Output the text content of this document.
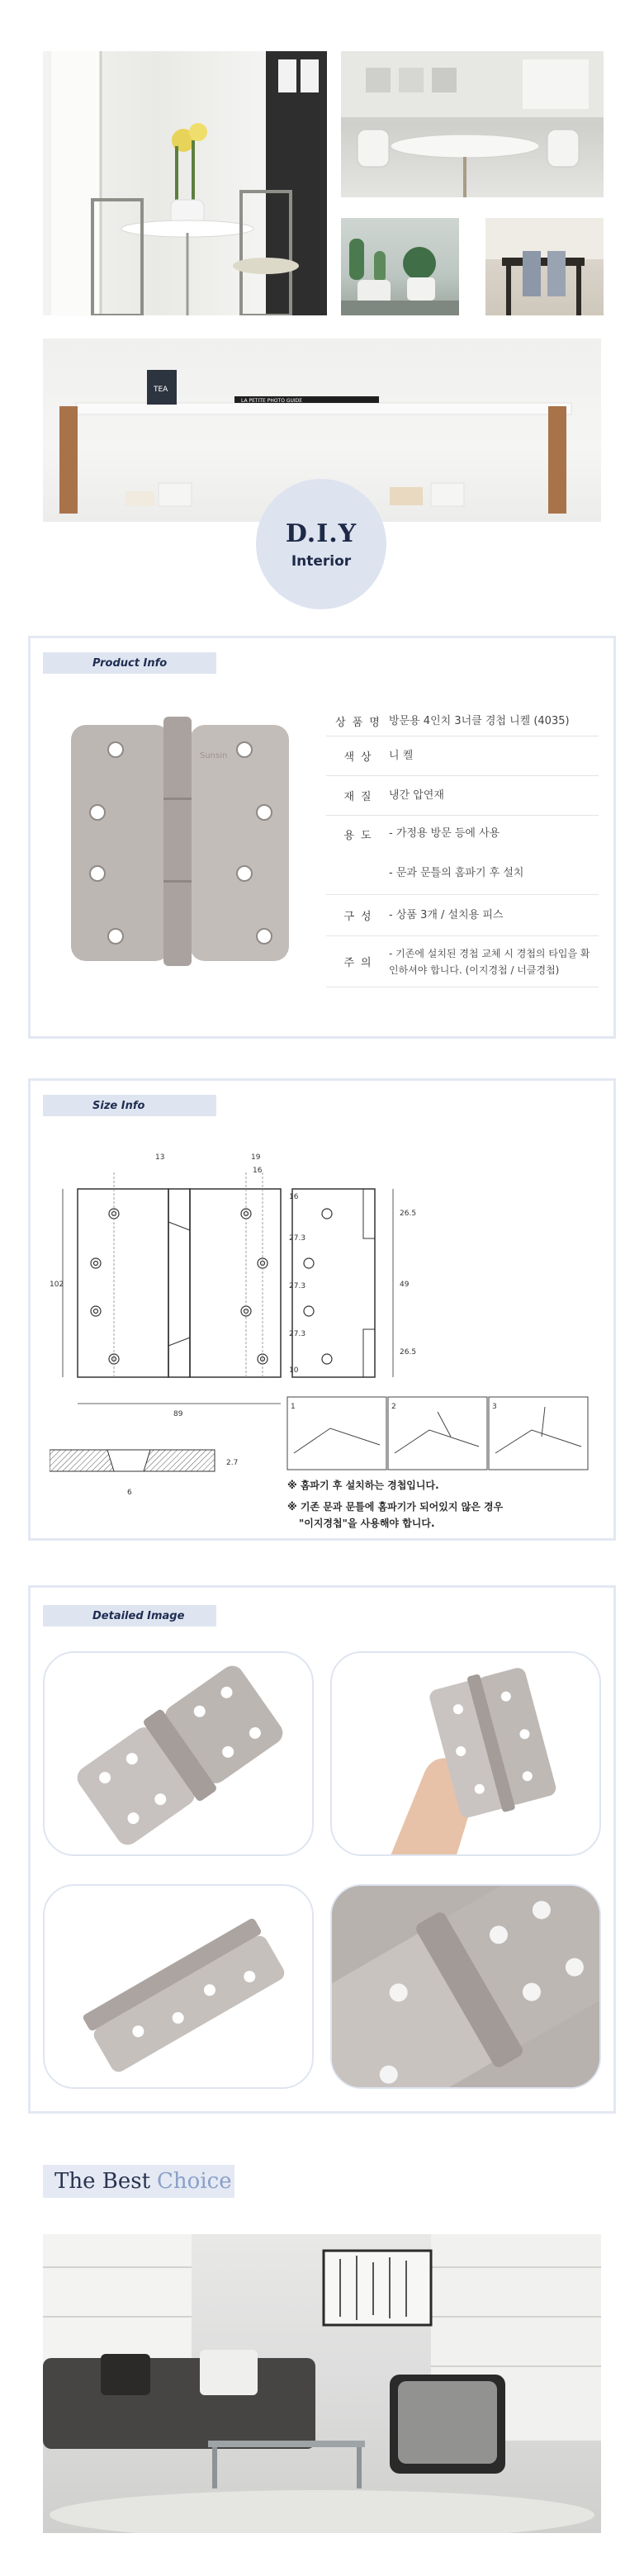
TEA
LA PETITE PHOTO GUIDE
D.I.Y
Interior
Product Info
Sunsin
상품명 방문용 4인치 3너클 경첩 니켈 (4035)
색상	니 켈
재질	냉간 압연재
용도	- 가정용 방문 등에 사용
- 문과 문틀의 홈파기 후 설치
구성	- 상품 3개 / 설치용 피스
주의
- 기존에 설치된 경첩 교체 시 경첩의 타입을 확인하셔야 합니다. (이지경첩 / 너클경첩)
Size Info
102
89
13	19
16
16
27.3
27.3
27.3
10
26.5
49
26.5
2.7
6
1	2	3
※ 홈파기 후 설치하는 경첩입니다.
※ 기존 문과 문틀에 홈파기가 되어있지 않은 경우
"이지경첩"을 사용해야 합니다.
Detailed Image
The Best Choice
